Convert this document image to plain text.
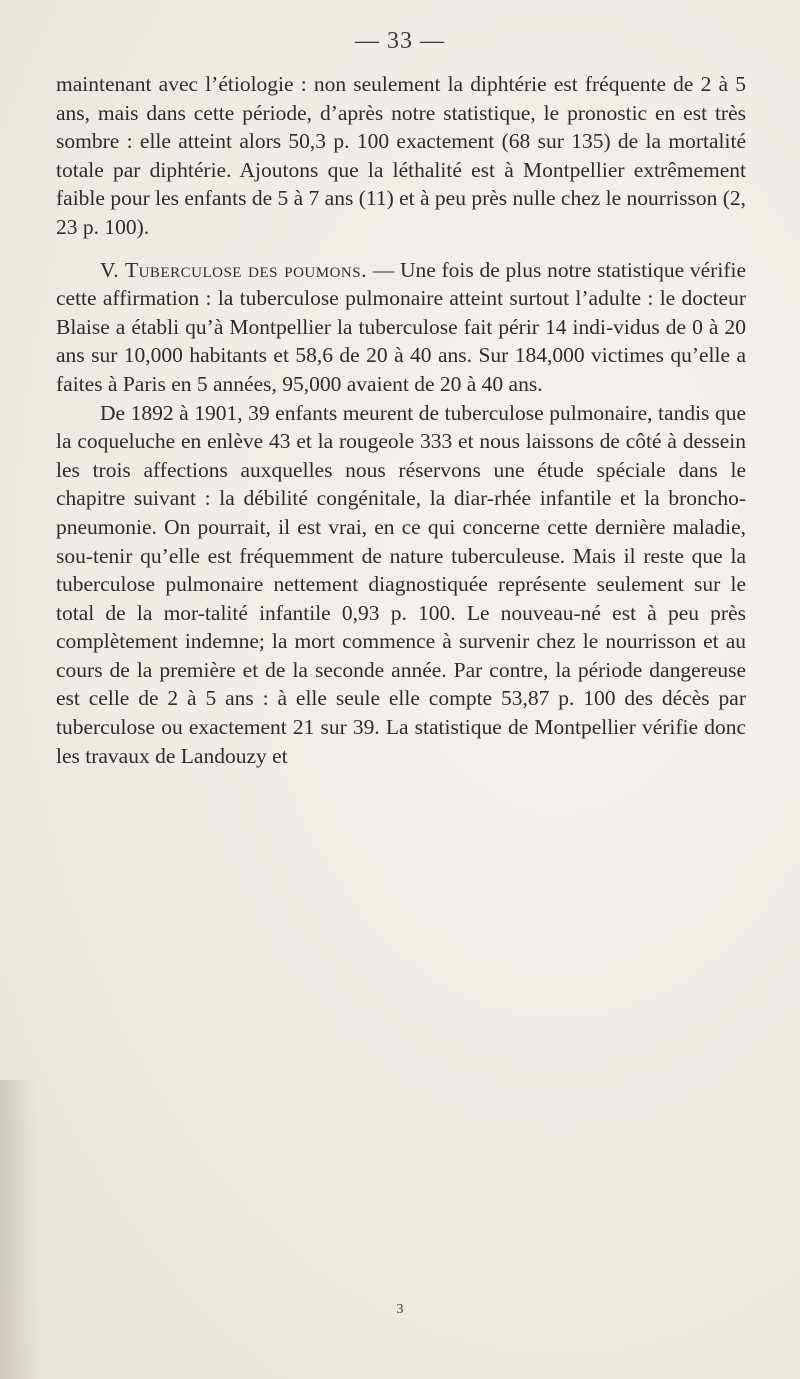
— 33 —

maintenant avec l’étiologie : non seulement la diphtérie est fréquente de 2 à 5 ans, mais dans cette période, d’après notre statistique, le pronostic en est très sombre : elle atteint alors 50,3 p. 100 exactement (68 sur 135) de la mortalité totale par diphtérie. Ajoutons que la léthalité est à Montpellier extrêmement faible pour les enfants de 5 à 7 ans (11) et à peu près nulle chez le nourrisson (2, 23 p. 100).

V. Tuberculose des poumons. — Une fois de plus notre statistique vérifie cette affirmation : la tuberculose pulmonaire atteint surtout l’adulte : le docteur Blaise a établi qu’à Montpellier la tuberculose fait périr 14 indi-vidus de 0 à 20 ans sur 10,000 habitants et 58,6 de 20 à 40 ans. Sur 184,000 victimes qu’elle a faites à Paris en 5 années, 95,000 avaient de 20 à 40 ans.

De 1892 à 1901, 39 enfants meurent de tuberculose pulmonaire, tandis que la coqueluche en enlève 43 et la rougeole 333 et nous laissons de côté à dessein les trois affections auxquelles nous réservons une étude spéciale dans le chapitre suivant : la débilité congénitale, la diar-rhée infantile et la broncho-pneumonie. On pourrait, il est vrai, en ce qui concerne cette dernière maladie, sou-tenir qu’elle est fréquemment de nature tuberculeuse. Mais il reste que la tuberculose pulmonaire nettement diagnostiquée représente seulement sur le total de la mor-talité infantile 0,93 p. 100. Le nouveau-né est à peu près complètement indemne; la mort commence à survenir chez le nourrisson et au cours de la première et de la seconde année. Par contre, la période dangereuse est celle de 2 à 5 ans : à elle seule elle compte 53,87 p. 100 des décès par tuberculose ou exactement 21 sur 39. La statistique de Montpellier vérifie donc les travaux de Landouzy et

3
